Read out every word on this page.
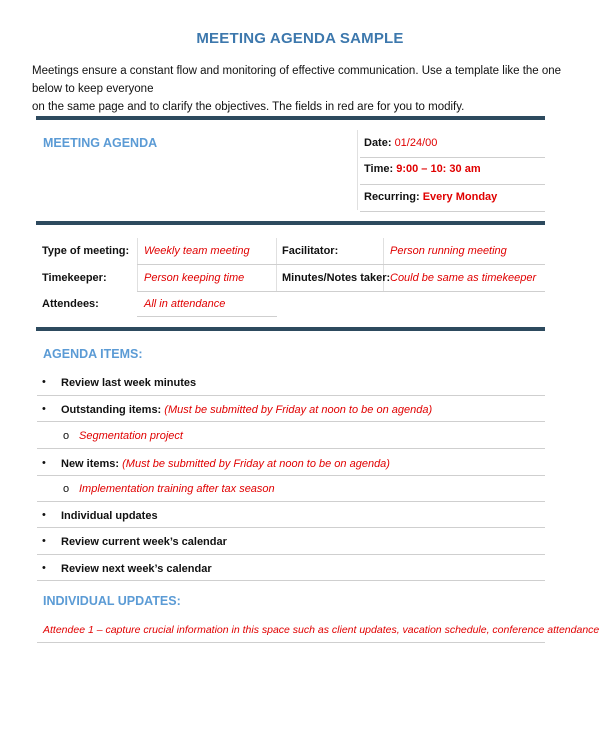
MEETING AGENDA SAMPLE
Meetings ensure a constant flow and monitoring of effective communication. Use a template like the one below to keep everyone
on the same page and to clarify the objectives. The fields in red are for you to modify.
MEETING AGENDA	Date: 01/24/00
Time: 9:00 – 10: 30 am
Recurring: Every Monday
Type of meeting: Weekly team meeting	Facilitator:	Person running meeting
Timekeeper:	Person keeping time	Minutes/Notes taker: Could be same as timekeeper
Attendees:	All in attendance
AGENDA ITEMS:
• Review last week minutes
• Outstanding items: (Must be submitted by Friday at noon to be on agenda)
o Segmentation project
• New items: (Must be submitted by Friday at noon to be on agenda)
o Implementation training after tax season
• Individual updates
• Review current week’s calendar
• Review next week’s calendar
INDIVIDUAL UPDATES:
Attendee 1 – capture crucial information in this space such as client updates, vacation schedule, conference attendance
